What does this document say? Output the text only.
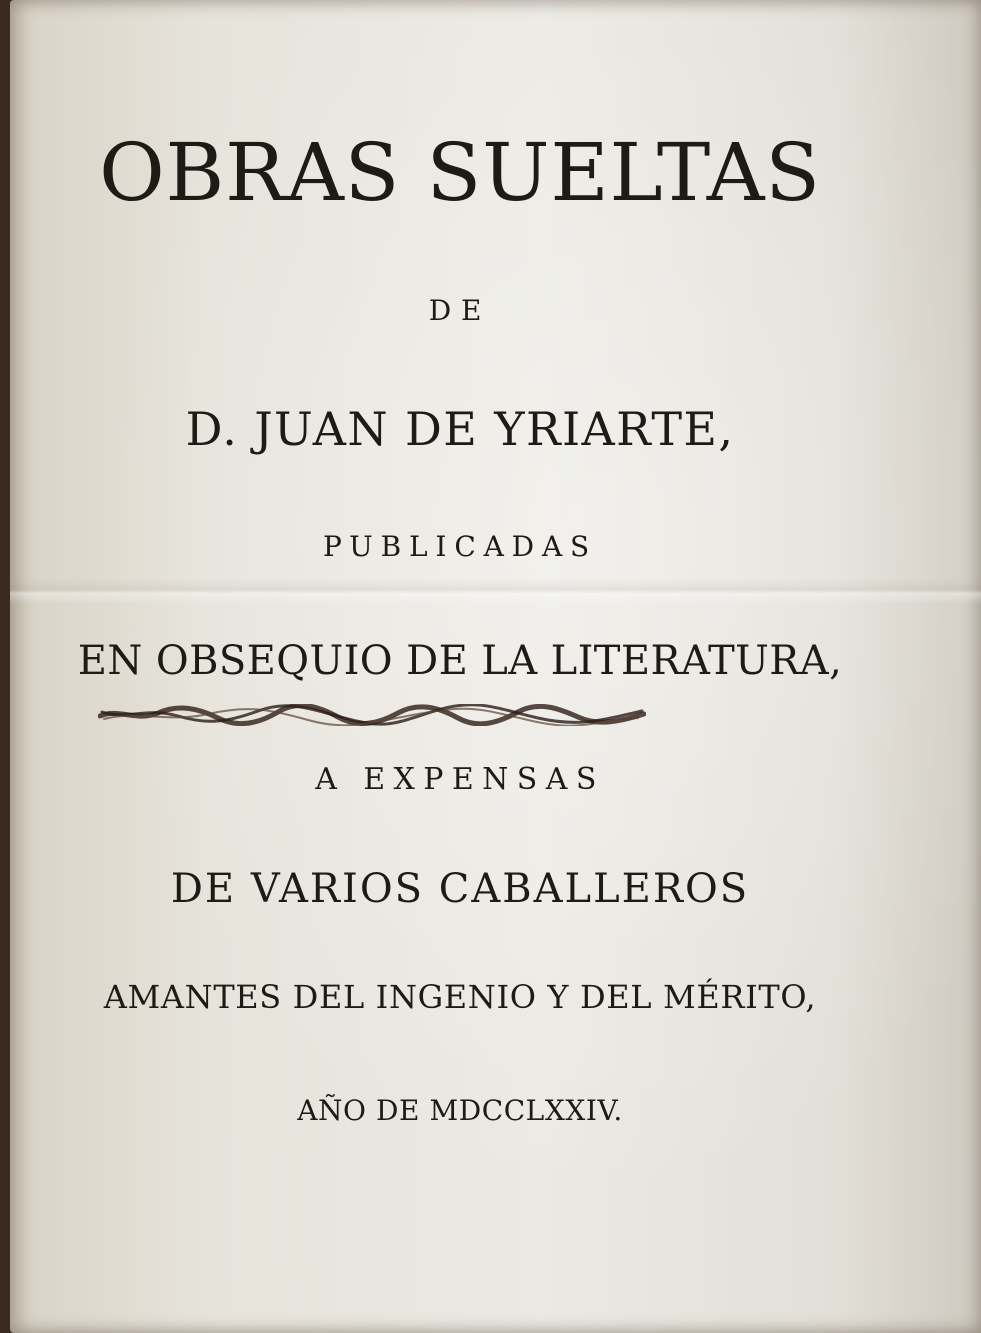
OBRAS SUELTAS
DE
D. JUAN DE YRIARTE,
PUBLICADAS
EN OBSEQUIO DE LA LITERATURA,
A EXPENSAS
DE VARIOS CABALLEROS
AMANTES DEL INGENIO Y DEL MÉRITO,
AÑO DE MDCCLXXIV.
